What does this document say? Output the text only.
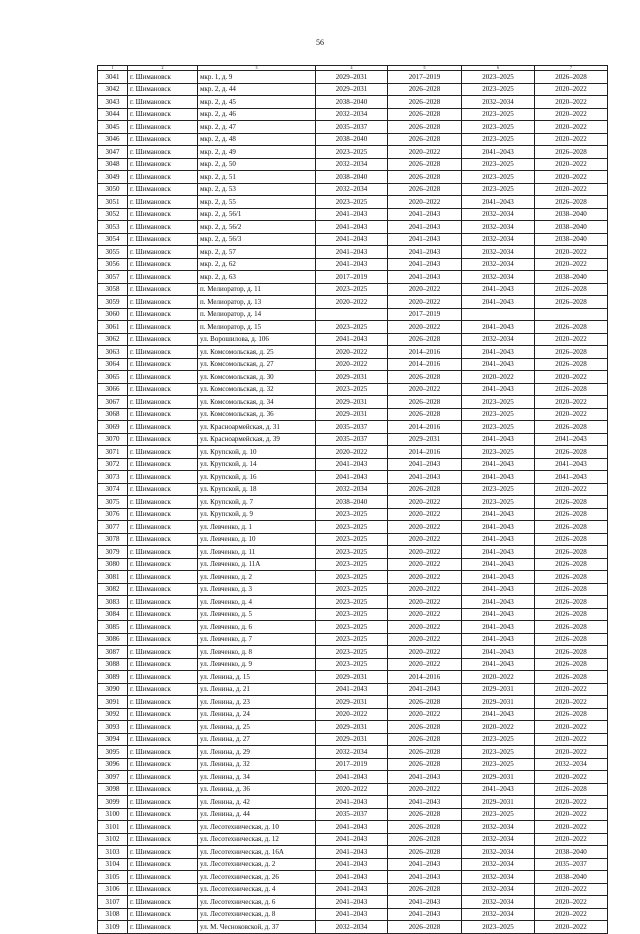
56
1	2	3	4	5	6	7
3041	г. Шимановск	мкр. 1, д. 9	2029–2031	2017–2019	2023–2025	2026–2028
3042	г. Шимановск	мкр. 2, д. 44	2029–2031	2026–2028	2023–2025	2020–2022
3043	г. Шимановск	мкр. 2, д. 45	2038–2040	2026–2028	2032–2034	2020–2022
3044	г. Шимановск	мкр. 2, д. 46	2032–2034	2026–2028	2023–2025	2020–2022
3045	г. Шимановск	мкр. 2, д. 47	2035–2037	2026–2028	2023–2025	2020–2022
3046	г. Шимановск	мкр. 2, д. 48	2038–2040	2026–2028	2023–2025	2020–2022
3047	г. Шимановск	мкр. 2, д. 49	2023–2025	2020–2022	2041–2043	2026–2028
3048	г. Шимановск	мкр. 2, д. 50	2032–2034	2026–2028	2023–2025	2020–2022
3049	г. Шимановск	мкр. 2, д. 51	2038–2040	2026–2028	2023–2025	2020–2022
3050	г. Шимановск	мкр. 2, д. 53	2032–2034	2026–2028	2023–2025	2020–2022
3051	г. Шимановск	мкр. 2, д. 55	2023–2025	2020–2022	2041–2043	2026–2028
3052	г. Шимановск	мкр. 2, д. 56/1	2041–2043	2041–2043	2032–2034	2038–2040
3053	г. Шимановск	мкр. 2, д. 56/2	2041–2043	2041–2043	2032–2034	2038–2040
3054	г. Шимановск	мкр. 2, д. 56/3	2041–2043	2041–2043	2032–2034	2038–2040
3055	г. Шимановск	мкр. 2, д. 57	2041–2043	2041–2043	2032–2034	2020–2022
3056	г. Шимановск	мкр. 2, д. 62	2041–2043	2041–2043	2032–2034	2020–2022
3057	г. Шимановск	мкр. 2, д. 63	2017–2019	2041–2043	2032–2034	2038–2040
3058	г. Шимановск	п. Мелиоратор, д. 11	2023–2025	2020–2022	2041–2043	2026–2028
3059	г. Шимановск	п. Мелиоратор, д. 13	2020–2022	2020–2022	2041–2043	2026–2028
3060	г. Шимановск	п. Мелиоратор, д. 14		2017–2019		
3061	г. Шимановск	п. Мелиоратор, д. 15	2023–2025	2020–2022	2041–2043	2026–2028
3062	г. Шимановск	ул. Ворошилова, д. 106	2041–2043	2026–2028	2032–2034	2020–2022
3063	г. Шимановск	ул. Комсомольская, д. 25	2020–2022	2014–2016	2041–2043	2026–2028
3064	г. Шимановск	ул. Комсомольская, д. 27	2020–2022	2014–2016	2041–2043	2026–2028
3065	г. Шимановск	ул. Комсомольская, д. 30	2029–2031	2026–2028	2020–2022	2020–2022
3066	г. Шимановск	ул. Комсомольская, д. 32	2023–2025	2020–2022	2041–2043	2026–2028
3067	г. Шимановск	ул. Комсомольская, д. 34	2029–2031	2026–2028	2023–2025	2020–2022
3068	г. Шимановск	ул. Комсомольская, д. 36	2029–2031	2026–2028	2023–2025	2020–2022
3069	г. Шимановск	ул. Красноармейская, д. 31	2035–2037	2014–2016	2023–2025	2026–2028
3070	г. Шимановск	ул. Красноармейская, д. 39	2035–2037	2029–2031	2041–2043	2041–2043
3071	г. Шимановск	ул. Крупской, д. 10	2020–2022	2014–2016	2023–2025	2026–2028
3072	г. Шимановск	ул. Крупской, д. 14	2041–2043	2041–2043	2041–2043	2041–2043
3073	г. Шимановск	ул. Крупской, д. 16	2041–2043	2041–2043	2041–2043	2041–2043
3074	г. Шимановск	ул. Крупской, д. 18	2032–2034	2026–2028	2023–2025	2020–2022
3075	г. Шимановск	ул. Крупской, д. 7	2038–2040	2020–2022	2023–2025	2026–2028
3076	г. Шимановск	ул. Крупской, д. 9	2023–2025	2020–2022	2041–2043	2026–2028
3077	г. Шимановск	ул. Левченко, д. 1	2023–2025	2020–2022	2041–2043	2026–2028
3078	г. Шимановск	ул. Левченко, д. 10	2023–2025	2020–2022	2041–2043	2026–2028
3079	г. Шимановск	ул. Левченко, д. 11	2023–2025	2020–2022	2041–2043	2026–2028
3080	г. Шимановск	ул. Левченко, д. 11А	2023–2025	2020–2022	2041–2043	2026–2028
3081	г. Шимановск	ул. Левченко, д. 2	2023–2025	2020–2022	2041–2043	2026–2028
3082	г. Шимановск	ул. Левченко, д. 3	2023–2025	2020–2022	2041–2043	2026–2028
3083	г. Шимановск	ул. Левченко, д. 4	2023–2025	2020–2022	2041–2043	2026–2028
3084	г. Шимановск	ул. Левченко, д. 5	2023–2025	2020–2022	2041–2043	2026–2028
3085	г. Шимановск	ул. Левченко, д. 6	2023–2025	2020–2022	2041–2043	2026–2028
3086	г. Шимановск	ул. Левченко, д. 7	2023–2025	2020–2022	2041–2043	2026–2028
3087	г. Шимановск	ул. Левченко, д. 8	2023–2025	2020–2022	2041–2043	2026–2028
3088	г. Шимановск	ул. Левченко, д. 9	2023–2025	2020–2022	2041–2043	2026–2028
3089	г. Шимановск	ул. Ленина, д. 15	2029–2031	2014–2016	2020–2022	2026–2028
3090	г. Шимановск	ул. Ленина, д. 21	2041–2043	2041–2043	2029–2031	2020–2022
3091	г. Шимановск	ул. Ленина, д. 23	2029–2031	2026–2028	2029–2031	2020–2022
3092	г. Шимановск	ул. Ленина, д. 24	2020–2022	2020–2022	2041–2043	2026–2028
3093	г. Шимановск	ул. Ленина, д. 25	2029–2031	2026–2028	2020–2022	2020–2022
3094	г. Шимановск	ул. Ленина, д. 27	2029–2031	2026–2028	2023–2025	2020–2022
3095	г. Шимановск	ул. Ленина, д. 29	2032–2034	2026–2028	2023–2025	2020–2022
3096	г. Шимановск	ул. Ленина, д. 32	2017–2019	2026–2028	2023–2025	2032–2034
3097	г. Шимановск	ул. Ленина, д. 34	2041–2043	2041–2043	2029–2031	2020–2022
3098	г. Шимановск	ул. Ленина, д. 36	2020–2022	2020–2022	2041–2043	2026–2028
3099	г. Шимановск	ул. Ленина, д. 42	2041–2043	2041–2043	2029–2031	2020–2022
3100	г. Шимановск	ул. Ленина, д. 44	2035–2037	2026–2028	2023–2025	2020–2022
3101	г. Шимановск	ул. Лесотехническая, д. 10	2041–2043	2026–2028	2032–2034	2020–2022
3102	г. Шимановск	ул. Лесотехническая, д. 12	2041–2043	2026–2028	2032–2034	2020–2022
3103	г. Шимановск	ул. Лесотехническая, д. 16А	2041–2043	2026–2028	2032–2034	2038–2040
3104	г. Шимановск	ул. Лесотехническая, д. 2	2041–2043	2041–2043	2032–2034	2035–2037
3105	г. Шимановск	ул. Лесотехническая, д. 26	2041–2043	2041–2043	2032–2034	2038–2040
3106	г. Шимановск	ул. Лесотехническая, д. 4	2041–2043	2026–2028	2032–2034	2020–2022
3107	г. Шимановск	ул. Лесотехническая, д. 6	2041–2043	2041–2043	2032–2034	2020–2022
3108	г. Шимановск	ул. Лесотехническая, д. 8	2041–2043	2041–2043	2032–2034	2020–2022
3109	г. Шимановск	ул. М. Чесноковской, д. 37	2032–2034	2026–2028	2023–2025	2020–2022
